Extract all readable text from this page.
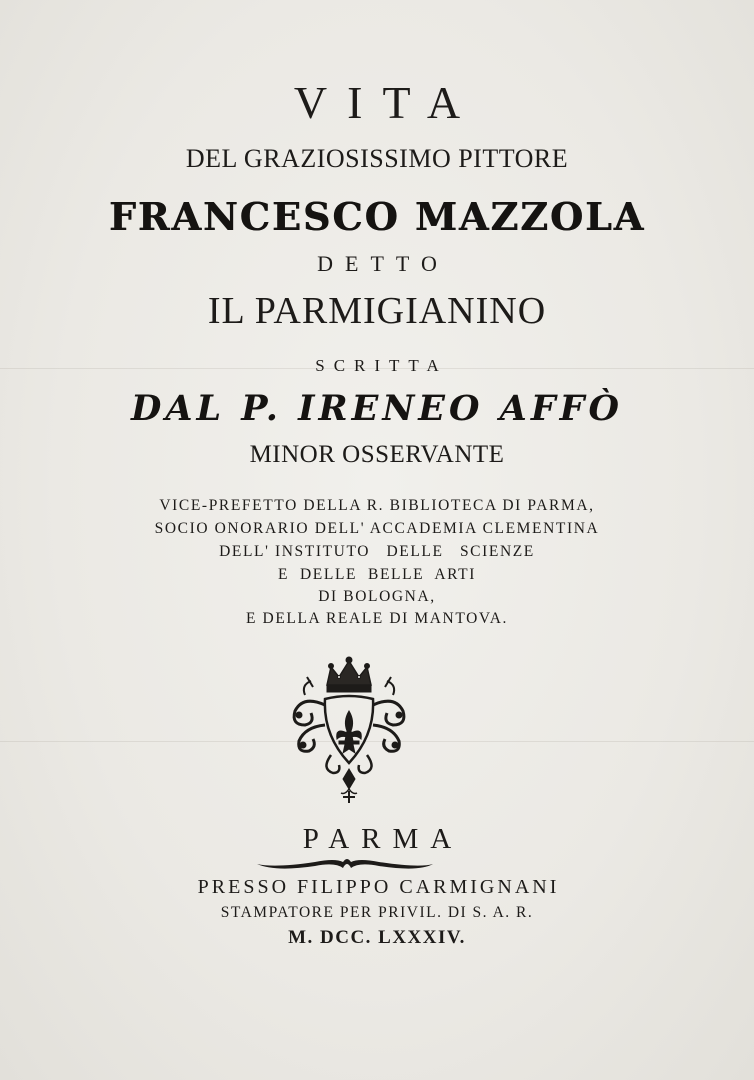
VITA
DEL GRAZIOSISSIMO PITTORE
FRANCESCO MAZZOLA
DETTO
IL PARMIGIANINO
SCRITTA
DAL P. IRENEO AFFÒ
MINOR OSSERVANTE
VICE-PREFETTO DELLA R. BIBLIOTECA DI PARMA,
SOCIO ONORARIO DELL' ACCADEMIA CLEMENTINA
DELL' INSTITUTO   DELLE   SCIENZE
E  DELLE  BELLE  ARTI
DI BOLOGNA,
E DELLA REALE DI MANTOVA.
PARMA
PRESSO FILIPPO CARMIGNANI
STAMPATORE PER PRIVIL. DI S. A. R.
M. DCC. LXXXIV.
